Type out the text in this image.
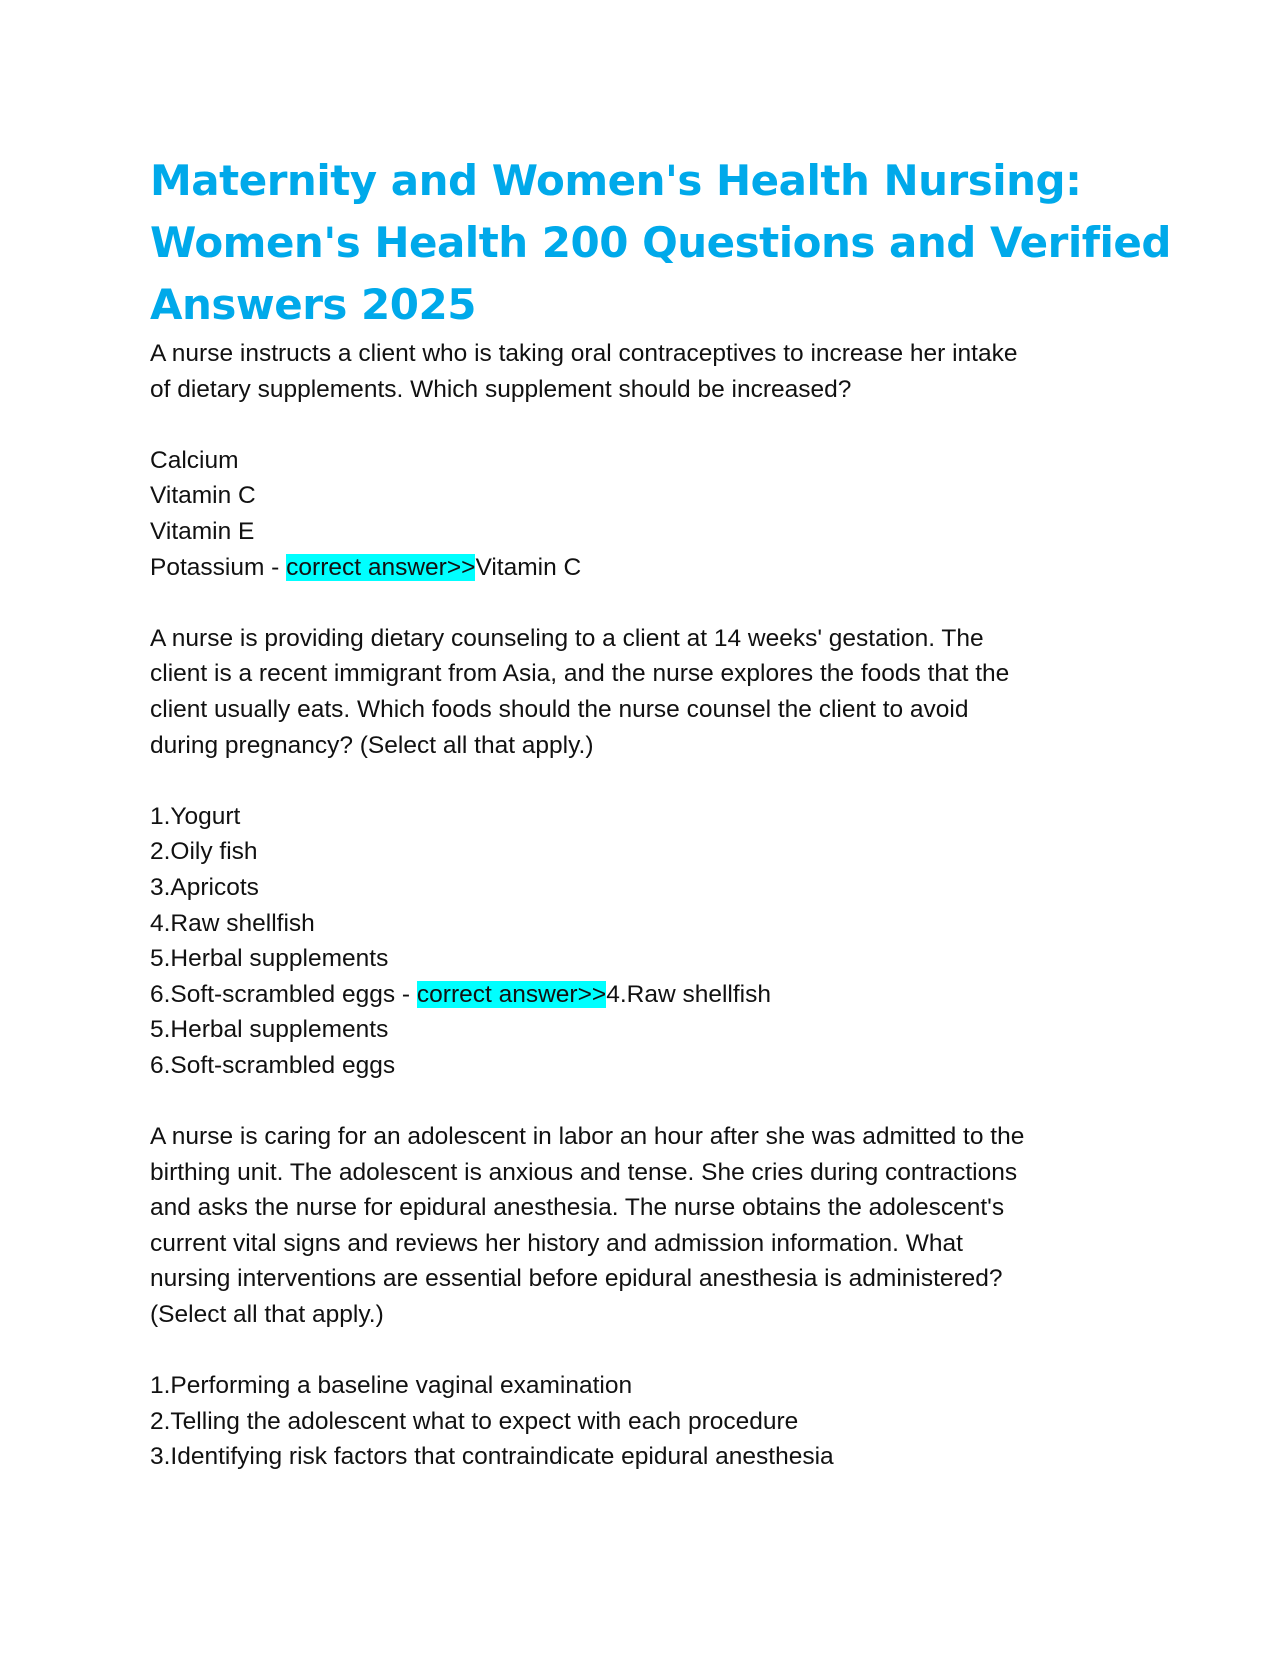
Maternity and Women's Health Nursing:
Women's Health 200 Questions and Verified
Answers 2025
A nurse instructs a client who is taking oral contraceptives to increase her intake
of dietary supplements. Which supplement should be increased?
Calcium
Vitamin C
Vitamin E
Potassium - correct answer>>Vitamin C
A nurse is providing dietary counseling to a client at 14 weeks' gestation. The
client is a recent immigrant from Asia, and the nurse explores the foods that the
client usually eats. Which foods should the nurse counsel the client to avoid
during pregnancy? (Select all that apply.)
1.Yogurt
2.Oily fish
3.Apricots
4.Raw shellfish
5.Herbal supplements
6.Soft-scrambled eggs - correct answer>>4.Raw shellfish
5.Herbal supplements
6.Soft-scrambled eggs
A nurse is caring for an adolescent in labor an hour after she was admitted to the
birthing unit. The adolescent is anxious and tense. She cries during contractions
and asks the nurse for epidural anesthesia. The nurse obtains the adolescent's
current vital signs and reviews her history and admission information. What
nursing interventions are essential before epidural anesthesia is administered?
(Select all that apply.)
1.Performing a baseline vaginal examination
2.Telling the adolescent what to expect with each procedure
3.Identifying risk factors that contraindicate epidural anesthesia
